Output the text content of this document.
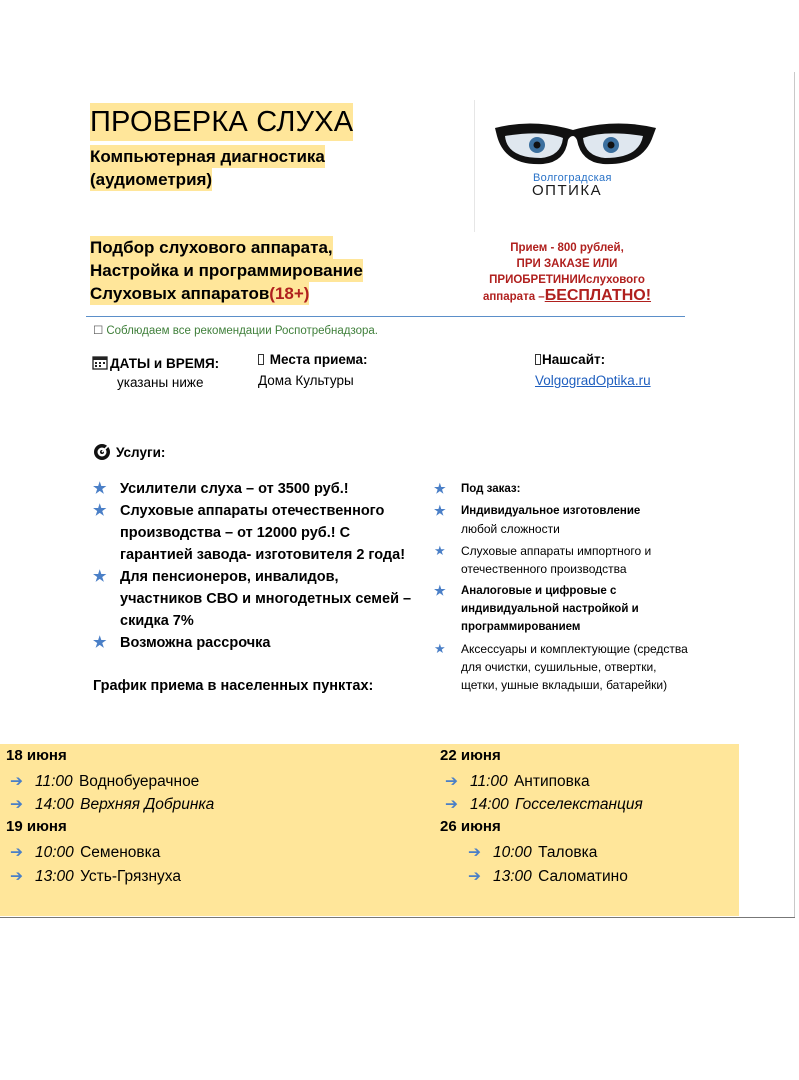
ПРОВЕРКА СЛУХА
Компьютерная диагностика
(аудиометрия)
Подбор слухового аппарата,
Настройка и программирование
Слуховых аппаратов(18+)
Волгоградская
ОПТИКА
Прием - 800 рублей,
ПРИ ЗАКАЗЕ ИЛИ
ПРИОБРЕТИНИИслухового
аппарата –БЕСПЛАТНО!
☐ Соблюдаем все рекомендации Роспотребнадзора.
ДАТЫ и ВРЕМЯ:
указаны ниже
Места приема:
Дома Культуры
Нашсайт:
VolgogradOptika.ru
Услуги:
★ Усилители слуха – от 3500 руб.!
★ Слуховые аппараты отечественного производства – от 12000 руб.! С гарантией завода- изготовителя 2 года!
★ Для пенсионеров, инвалидов, участников СВО и многодетных семей – скидка 7%
★ Возможна рассрочка
График приема в населенных пунктах:
★ Под заказ:
★ Индивидуальное изготовление
любой сложности
★ Слуховые аппараты импортного и отечественного производства
★ Аналоговые и цифровые с индивидуальной настройкой и программированием
★ Аксессуары и комплектующие (средства для очистки, сушильные, отвертки, щетки, ушные вкладыши, батарейки)
18 июня
➔ 11:00 Воднобуерачное
➔ 14:00 Верхняя Добринка
19 июня
➔ 10:00 Семеновка
➔ 13:00 Усть-Грязнуха
22 июня
➔ 11:00 Антиповка
➔ 14:00 Госселекстанция
26 июня
➔ 10:00 Таловка
➔ 13:00 Саломатино
